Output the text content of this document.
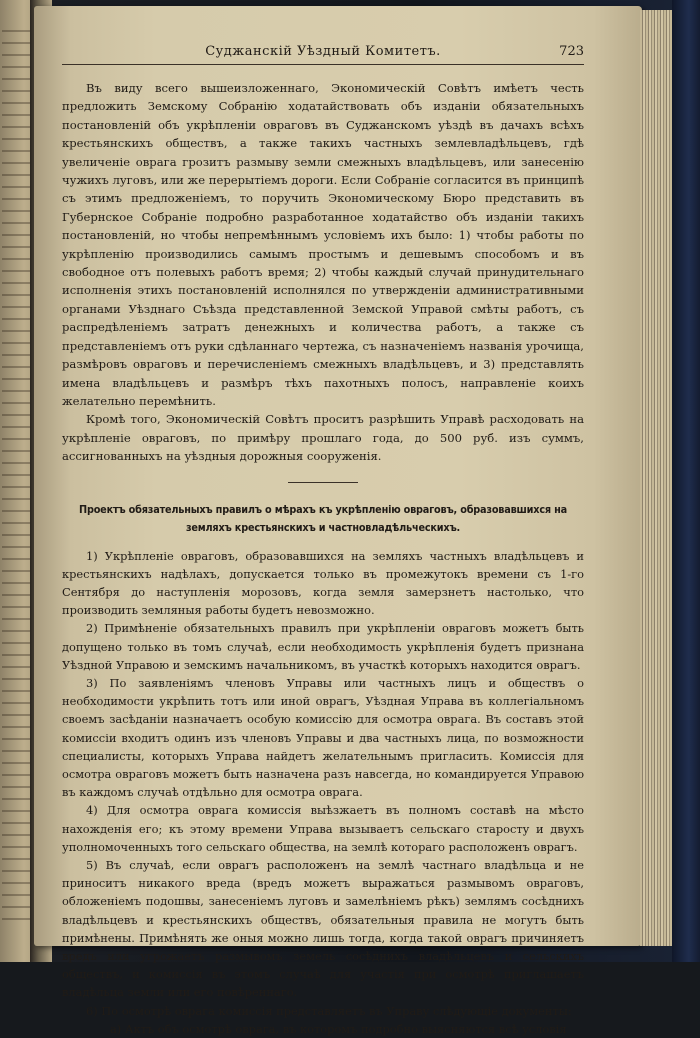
Суджанскій Уѣздный Комитетъ.	723

Въ виду всего вышеизложеннаго, Экономическій Совѣтъ имѣетъ честь предложить Земскому Собранію ходатайствовать объ изданіи обязательныхъ постановленій объ укрѣпленіи овраговъ въ Суджанскомъ уѣздѣ въ дачахъ всѣхъ крестьянскихъ обществъ, а также такихъ частныхъ землевладѣльцевъ, гдѣ увеличеніе оврага грозитъ размыву земли смежныхъ владѣльцевъ, или занесенію чужихъ луговъ, или же перерытіемъ дороги. Если Собраніе согласится въ принципѣ съ этимъ предложеніемъ, то поручить Экономическому Бюро представить въ Губернское Собраніе подробно разработанное ходатайство объ изданіи такихъ постановленій, но чтобы непремѣннымъ условіемъ ихъ было: 1) чтобы работы по укрѣпленію производились самымъ простымъ и дешевымъ способомъ и въ свободное отъ полевыхъ работъ время; 2) чтобы каждый случай принудительнаго исполненія этихъ постановленій исполнялся по утвержденіи административными органами Уѣзднаго Съѣзда представленной Земской Управой смѣты работъ, съ распредѣленіемъ затратъ денежныхъ и количества работъ, а также съ представленіемъ отъ руки сдѣланнаго чертежа, съ назначеніемъ названія урочища, размѣровъ овраговъ и перечисленіемъ смежныхъ владѣльцевъ, и 3) представлять имена владѣльцевъ и размѣръ тѣхъ пахотныхъ полосъ, направленіе коихъ желательно перемѣнить.

Кромѣ того, Экономическій Совѣтъ проситъ разрѣшить Управѣ расходовать на укрѣпленіе овраговъ, по примѣру прошлаго года, до 500 руб. изъ суммъ, ассигнованныхъ на уѣздныя дорожныя сооруженія.

Проектъ обязательныхъ правилъ о мѣрахъ къ укрѣпленію овраговъ, образовавшихся на земляхъ крестьянскихъ и частновладѣльческихъ.

1) Укрѣпленіе овраговъ, образовавшихся на земляхъ частныхъ владѣльцевъ и крестьянскихъ надѣлахъ, допускается только въ промежутокъ времени съ 1-го Сентября до наступленія морозовъ, когда земля замерзнетъ настолько, что производить земляныя работы будетъ невозможно.

2) Примѣненіе обязательныхъ правилъ при укрѣпленіи овраговъ можетъ быть допущено только въ томъ случаѣ, если необходимость укрѣпленія будетъ признана Уѣздной Управою и земскимъ начальникомъ, въ участкѣ которыхъ находится оврагъ.

3) По заявленіямъ членовъ Управы или частныхъ лицъ и обществъ о необходимости укрѣпить тотъ или иной оврагъ, Уѣздная Управа въ коллегіальномъ своемъ засѣданіи назначаетъ особую комиссію для осмотра оврага. Въ составъ этой комиссіи входитъ одинъ изъ членовъ Управы и два частныхъ лица, по возможности специалисты, которыхъ Управа найдетъ желательнымъ пригласить. Комиссія для осмотра овраговъ можетъ быть назначена разъ навсегда, но командируется Управою въ каждомъ случаѣ отдѣльно для осмотра оврага.

4) Для осмотра оврага комиссія выѣзжаетъ въ полномъ составѣ на мѣсто нахожденія его; къ этому времени Управа вызываетъ сельскаго старосту и двухъ уполномоченныхъ того сельскаго общества, на землѣ котораго расположенъ оврагъ.

5) Въ случаѣ, если оврагъ расположенъ на землѣ частнаго владѣльца и не приноситъ никакого вреда (вредъ можетъ выражаться размывомъ овраговъ, обложеніемъ подошвы, занесеніемъ луговъ и замелѣніемъ рѣкъ) землямъ сосѣднихъ владѣльцевъ и крестьянскихъ обществъ, обязательныя правила не могутъ быть примѣнены. Примѣнять же оныя можно лишь тогда, когда такой оврагъ причиняетъ вредъ или угрожаетъ размывомъ земель сосѣднихъ владѣльцевъ и сельскихъ обществъ, и комиссія въ этомъ случаѣ для участія при осмотрѣ приглашаетъ владѣльца земли или его повѣреннаго.

6) По осмотрѣ оврага комиссія представляетъ въ Управу слѣдующіе документы:

а) Актъ объ осмотрѣ оврага, въ которомъ подробно выясняются всѣ условія
